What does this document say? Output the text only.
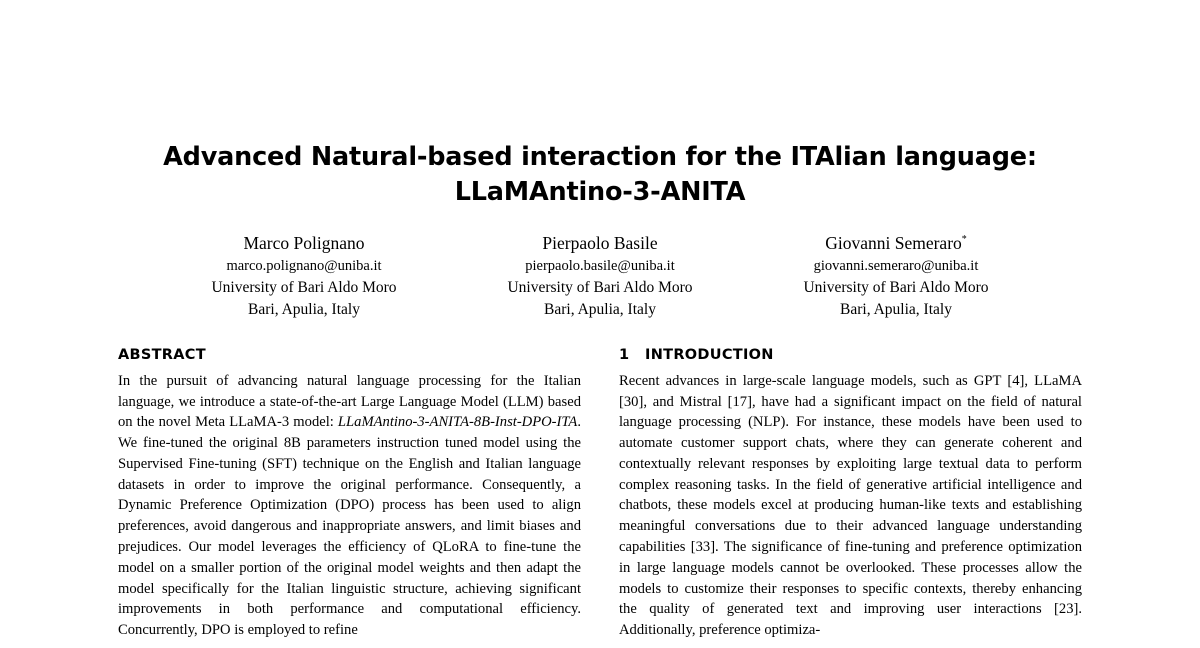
Advanced Natural-based interaction for the ITAlian language:
LLaMAntino-3-ANITA
Marco Polignano
marco.polignano@uniba.it
University of Bari Aldo Moro
Bari, Apulia, Italy
Pierpaolo Basile
pierpaolo.basile@uniba.it
University of Bari Aldo Moro
Bari, Apulia, Italy
Giovanni Semeraro*
giovanni.semeraro@uniba.it
University of Bari Aldo Moro
Bari, Apulia, Italy
ABSTRACT

In the pursuit of advancing natural language processing for the Italian language, we introduce a state-of-the-art Large Language Model (LLM) based on the novel Meta LLaMA-3 model: LLaMAntino-3-ANITA-8B-Inst-DPO-ITA. We fine-tuned the original 8B parameters instruction tuned model using the Supervised Fine-tuning (SFT) technique on the English and Italian language datasets in order to improve the original performance. Consequently, a Dynamic Preference Optimization (DPO) process has been used to align preferences, avoid dangerous and inappropriate answers, and limit biases and prejudices. Our model leverages the efficiency of QLoRA to fine-tune the model on a smaller portion of the original model weights and then adapt the model specifically for the Italian linguistic structure, achieving significant improvements in both performance and computational efficiency. Concurrently, DPO is employed to refine

1 INTRODUCTION

Recent advances in large-scale language models, such as GPT [4], LLaMA [30], and Mistral [17], have had a significant impact on the field of natural language processing (NLP). For instance, these models have been used to automate customer support chats, where they can generate coherent and contextually relevant responses by exploiting large textual data to perform complex reasoning tasks. In the field of generative artificial intelligence and chatbots, these models excel at producing human-like texts and establishing meaningful conversations due to their advanced language understanding capabilities [33]. The significance of fine-tuning and preference optimization in large language models cannot be overlooked. These processes allow the models to customize their responses to specific contexts, thereby enhancing the quality of generated text and improving user interactions [23]. Additionally, preference optimiza-
